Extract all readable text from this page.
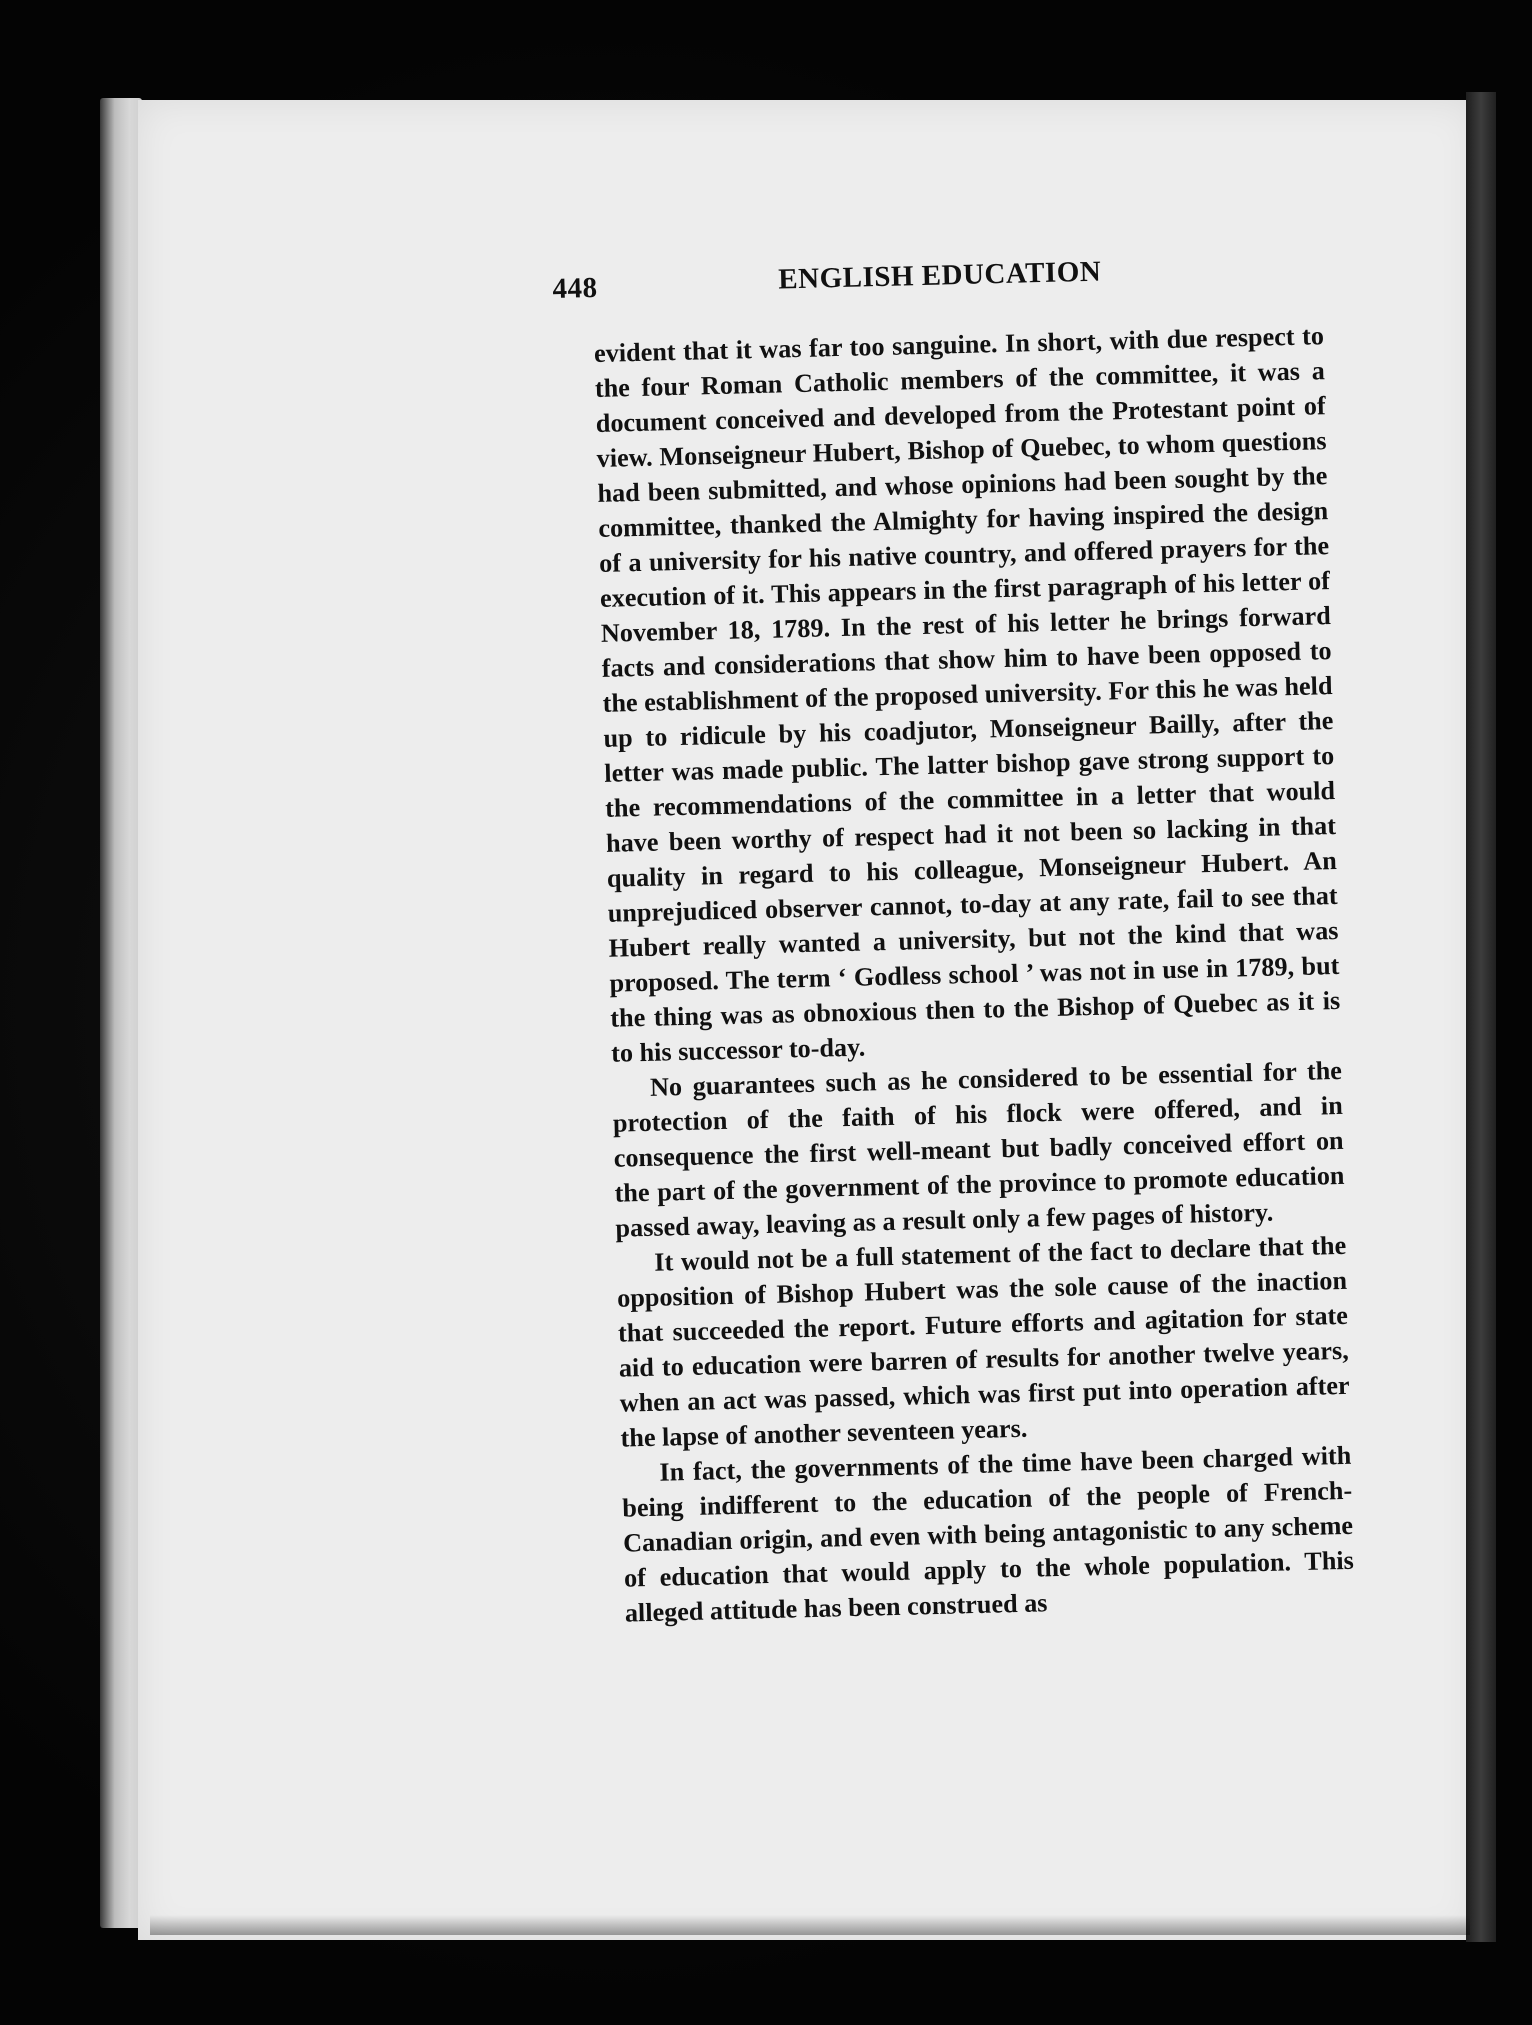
448	ENGLISH EDUCATION

evident that it was far too sanguine. In short, with due respect to the four Roman Catholic members of the committee, it was a document conceived and developed from the Protestant point of view. Monseigneur Hubert, Bishop of Quebec, to whom questions had been submitted, and whose opinions had been sought by the committee, thanked the Almighty for having inspired the design of a university for his native country, and offered prayers for the execution of it. This appears in the first paragraph of his letter of November 18, 1789. In the rest of his letter he brings forward facts and considerations that show him to have been opposed to the establishment of the proposed university. For this he was held up to ridicule by his coadjutor, Monseigneur Bailly, after the letter was made public. The latter bishop gave strong support to the recommendations of the committee in a letter that would have been worthy of respect had it not been so lacking in that quality in regard to his colleague, Monseigneur Hubert. An unprejudiced observer cannot, to-day at any rate, fail to see that Hubert really wanted a university, but not the kind that was proposed. The term ‘ Godless school ’ was not in use in 1789, but the thing was as obnoxious then to the Bishop of Quebec as it is to his successor to-day.

No guarantees such as he considered to be essential for the protection of the faith of his flock were offered, and in consequence the first well-meant but badly conceived effort on the part of the government of the province to promote education passed away, leaving as a result only a few pages of history.

It would not be a full statement of the fact to declare that the opposition of Bishop Hubert was the sole cause of the inaction that succeeded the report. Future efforts and agitation for state aid to education were barren of results for another twelve years, when an act was passed, which was first put into operation after the lapse of another seventeen years.

In fact, the governments of the time have been charged with being indifferent to the education of the people of French-Canadian origin, and even with being antagonistic to any scheme of education that would apply to the whole population. This alleged attitude has been construed as
